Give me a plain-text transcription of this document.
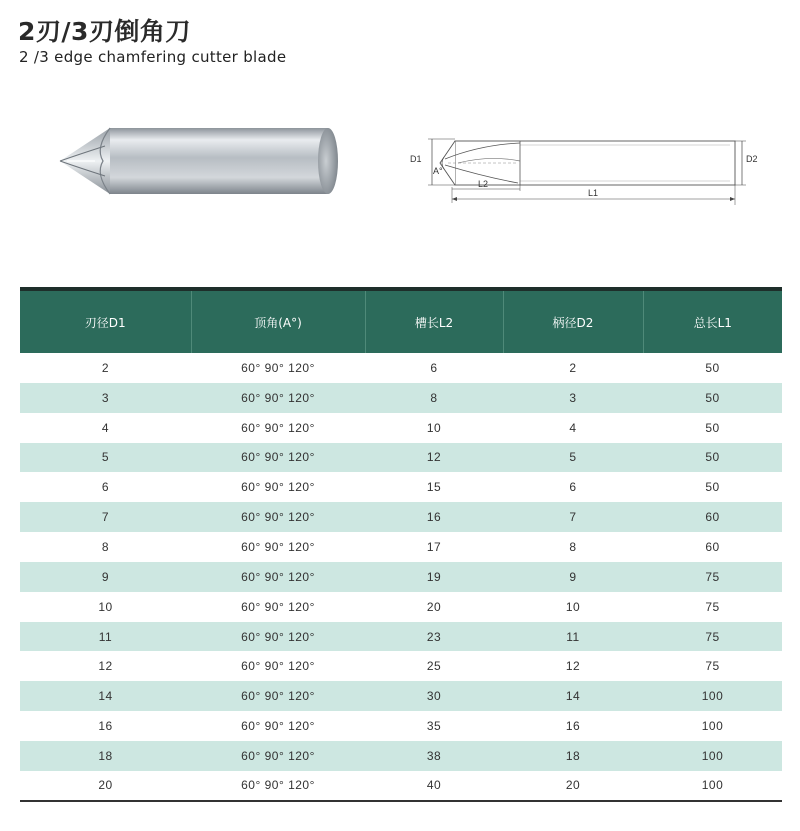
2刃/3刃倒角刀
2 /3 edge chamfering cutter blade
D1
A°
D2
L2
L1
刃径D1	顶角(A°)	槽长L2	柄径D2	总长L1
2	60° 90° 120°	6	2	50
3	60° 90° 120°	8	3	50
4	60° 90° 120°	10	4	50
5	60° 90° 120°	12	5	50
6	60° 90° 120°	15	6	50
7	60° 90° 120°	16	7	60
8	60° 90° 120°	17	8	60
9	60° 90° 120°	19	9	75
10	60° 90° 120°	20	10	75
11	60° 90° 120°	23	11	75
12	60° 90° 120°	25	12	75
14	60° 90° 120°	30	14	100
16	60° 90° 120°	35	16	100
18	60° 90° 120°	38	18	100
20	60° 90° 120°	40	20	100
